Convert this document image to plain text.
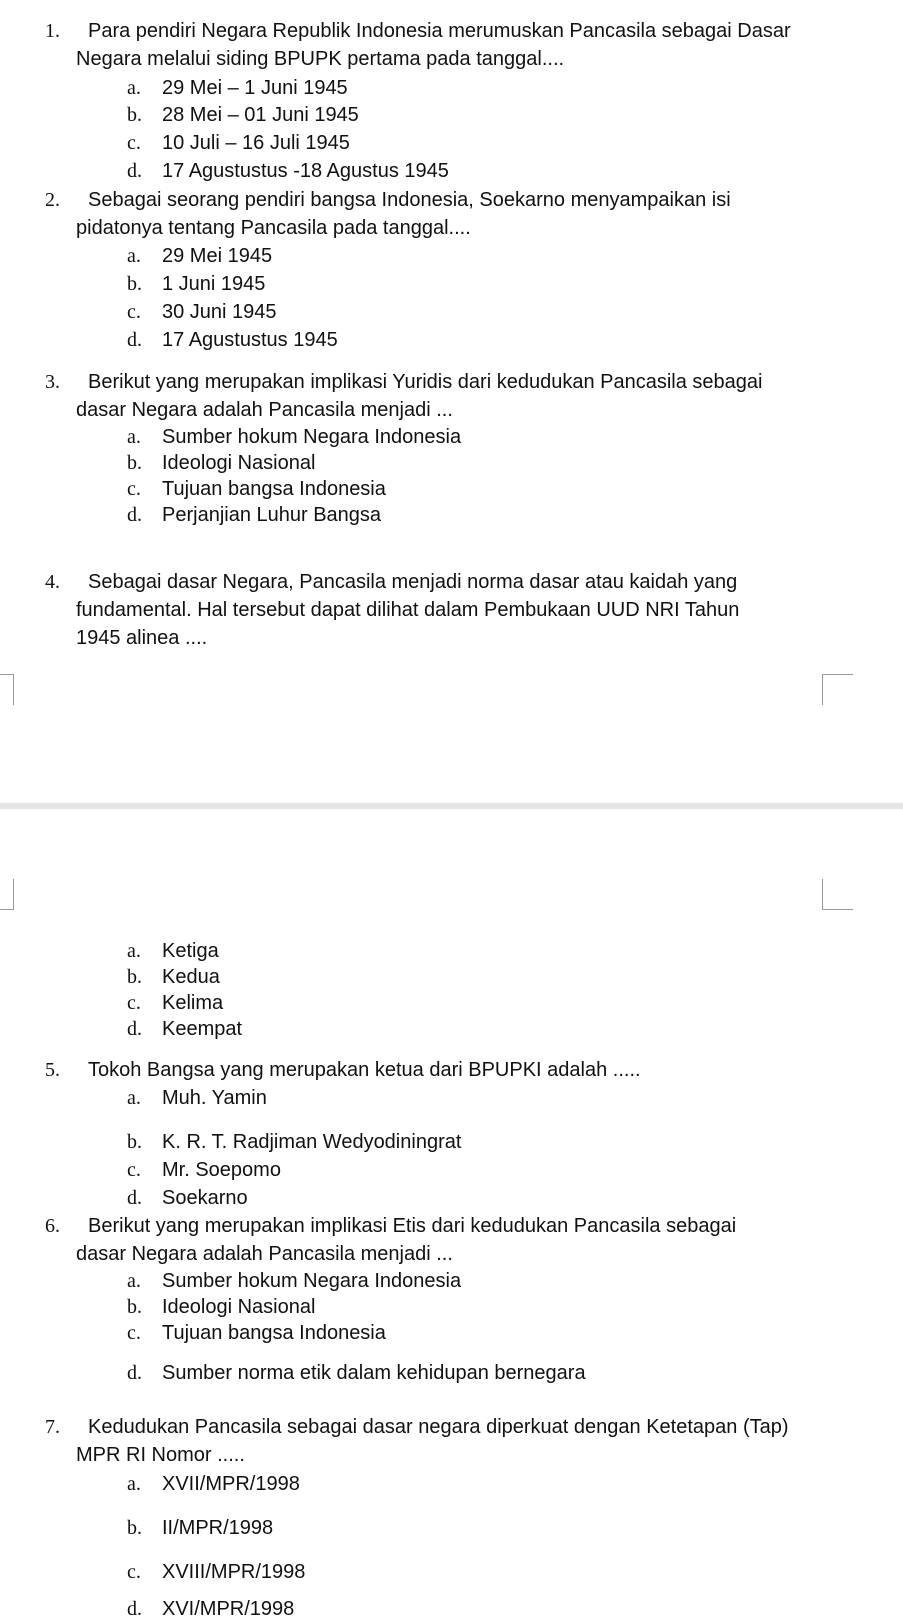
1. Para pendiri Negara Republik Indonesia merumuskan Pancasila sebagai Dasar
Negara melalui siding BPUPK pertama pada tanggal....
a. 29 Mei – 1 Juni 1945
b. 28 Mei – 01 Juni 1945
c. 10 Juli – 16 Juli 1945
d. 17 Agustustus -18 Agustus 1945
2. Sebagai seorang pendiri bangsa Indonesia, Soekarno menyampaikan isi
pidatonya tentang Pancasila pada tanggal....
a. 29 Mei 1945
b. 1 Juni 1945
c. 30 Juni 1945
d. 17 Agustustus 1945
3. Berikut yang merupakan implikasi Yuridis dari kedudukan Pancasila sebagai
dasar Negara adalah Pancasila menjadi ...
a. Sumber hokum Negara Indonesia
b. Ideologi Nasional
c. Tujuan bangsa Indonesia
d. Perjanjian Luhur Bangsa
4. Sebagai dasar Negara, Pancasila menjadi norma dasar atau kaidah yang
fundamental. Hal tersebut dapat dilihat dalam Pembukaan UUD NRI Tahun
1945 alinea ....
a. Ketiga
b. Kedua
c. Kelima
d. Keempat
5. Tokoh Bangsa yang merupakan ketua dari BPUPKI adalah .....
a. Muh. Yamin
b. K. R. T. Radjiman Wedyodiningrat
c. Mr. Soepomo
d. Soekarno
6. Berikut yang merupakan implikasi Etis dari kedudukan Pancasila sebagai
dasar Negara adalah Pancasila menjadi ...
a. Sumber hokum Negara Indonesia
b. Ideologi Nasional
c. Tujuan bangsa Indonesia
d. Sumber norma etik dalam kehidupan bernegara
7. Kedudukan Pancasila sebagai dasar negara diperkuat dengan Ketetapan (Tap)
MPR RI Nomor .....
a. XVII/MPR/1998
b. II/MPR/1998
c. XVIII/MPR/1998
d. XVI/MPR/1998
